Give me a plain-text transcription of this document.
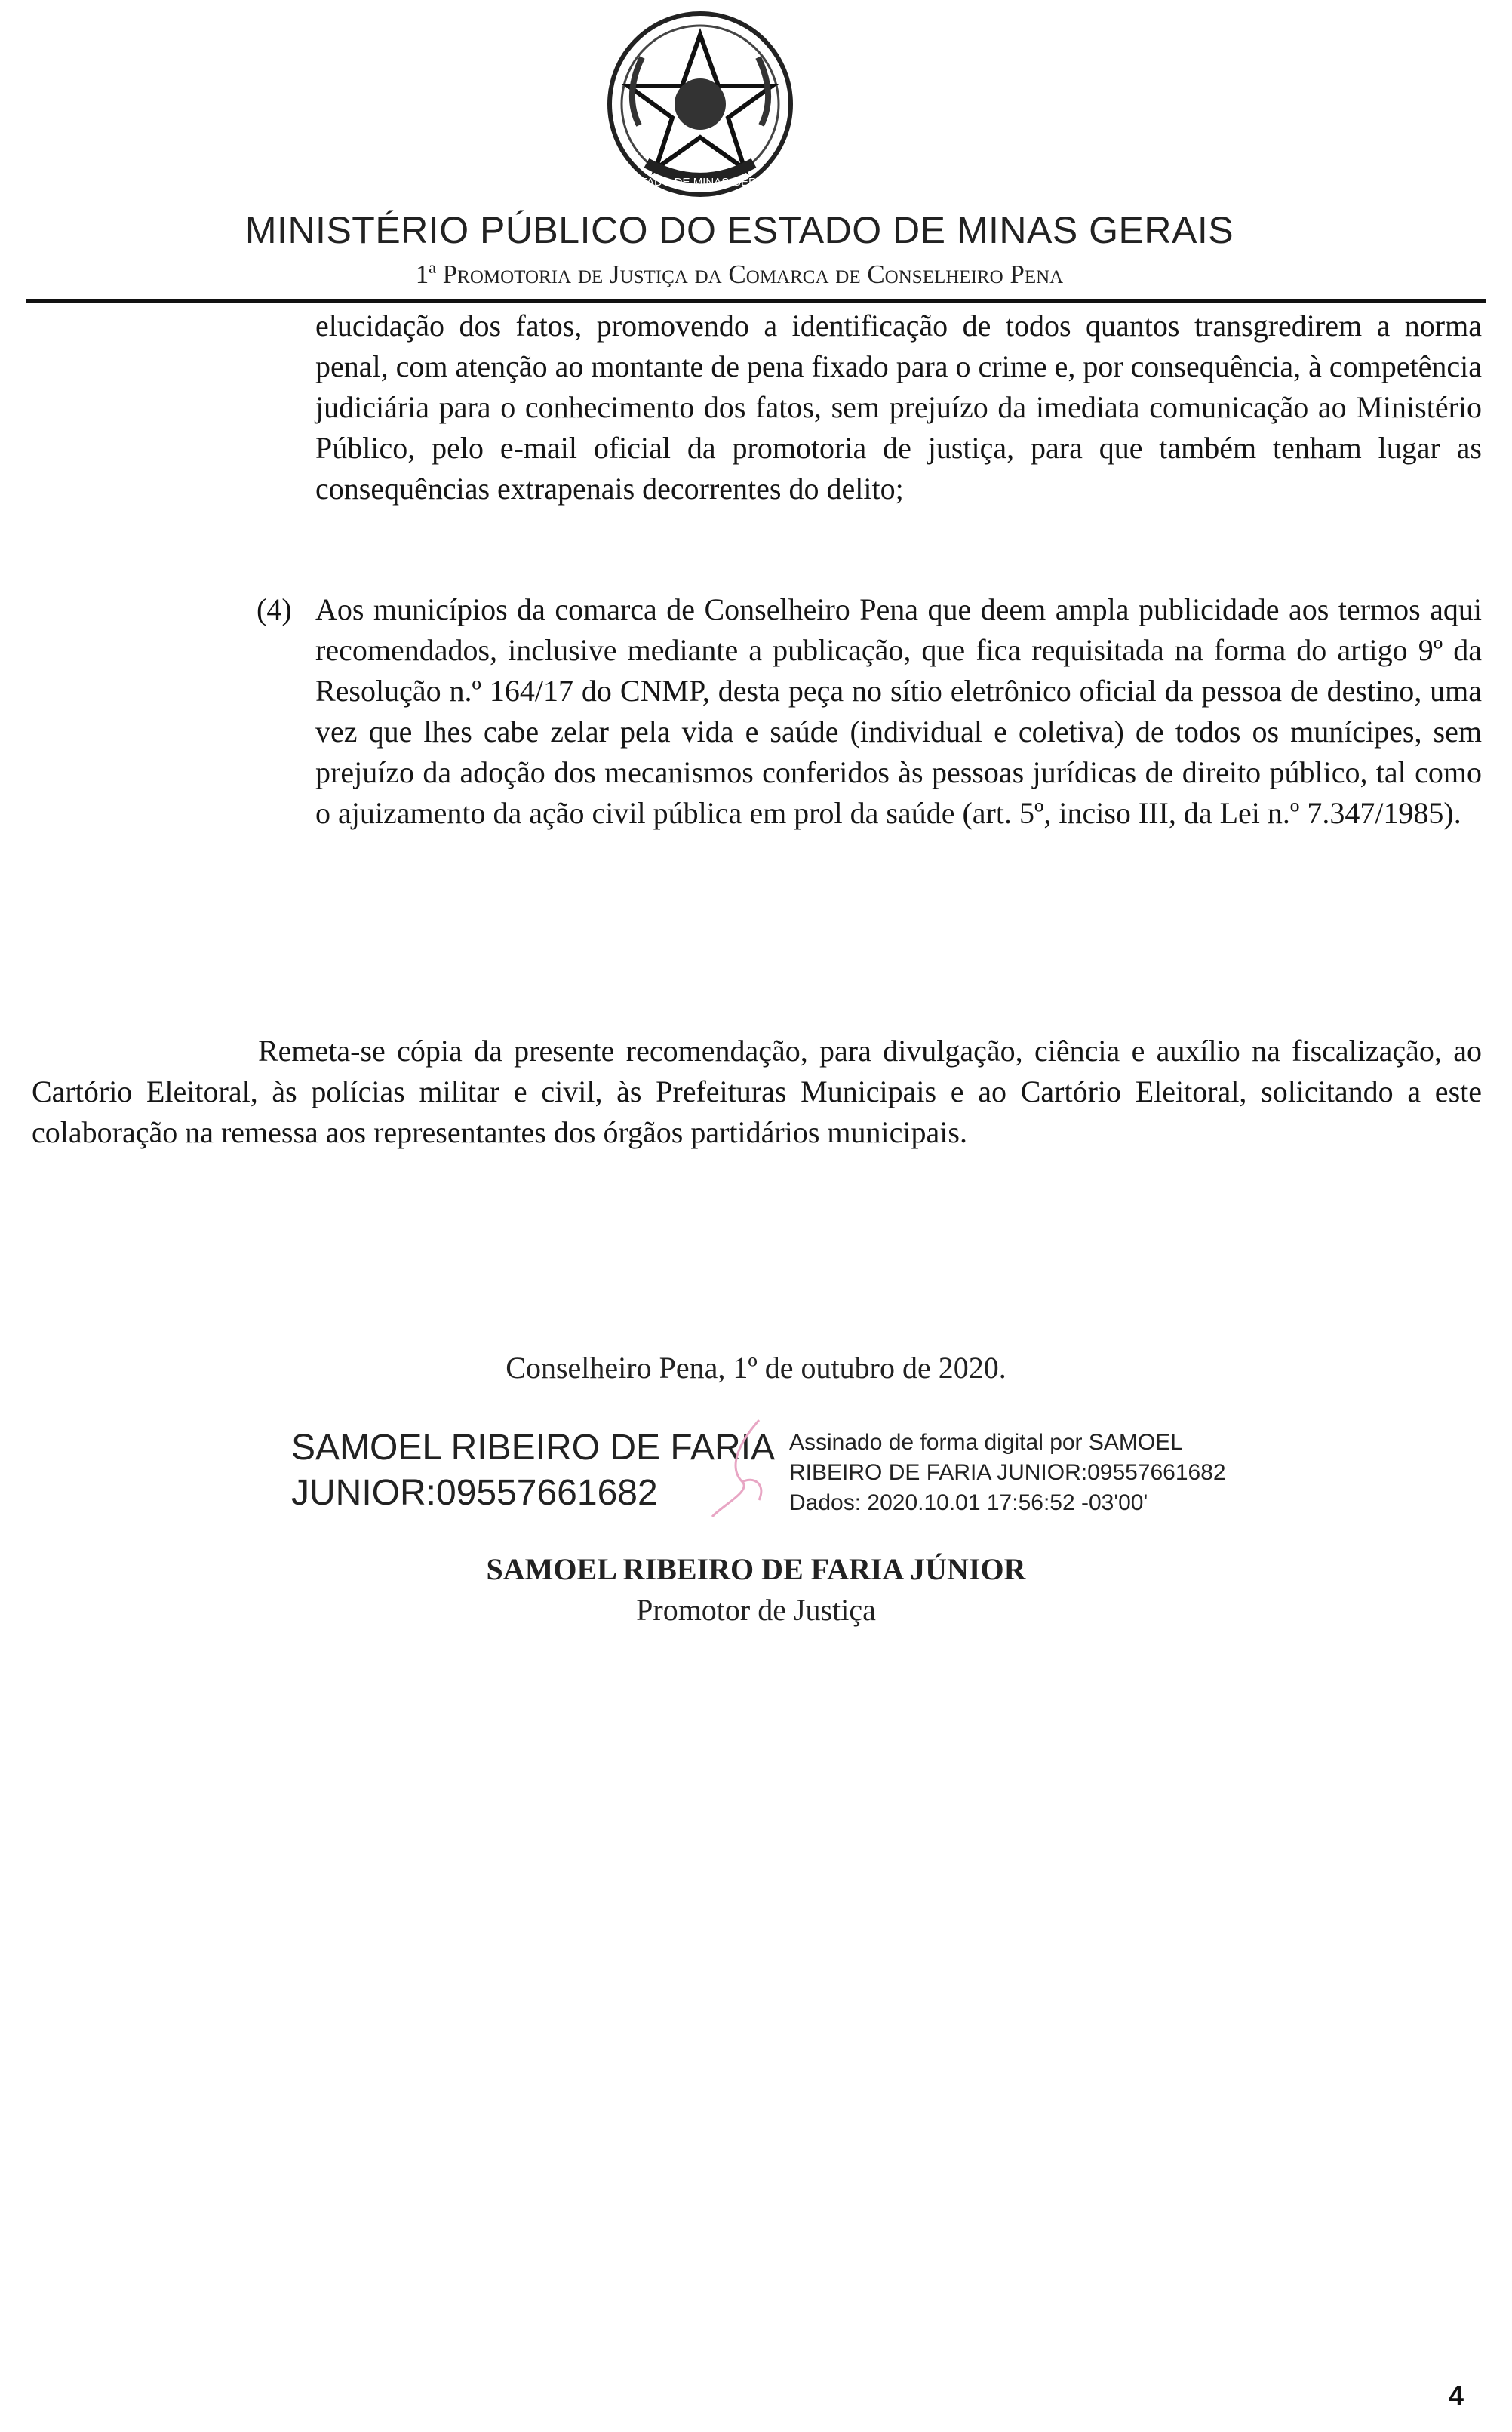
ESTADO DE MINAS GERAIS
MINISTÉRIO PÚBLICO DO ESTADO DE MINAS GERAIS
1ª Promotoria de Justiça da Comarca de Conselheiro Pena
elucidação dos fatos, promovendo a identificação de todos quantos transgredirem a norma penal, com atenção ao montante de pena fixado para o crime e, por consequência, à competência judiciária para o conhecimento dos fatos, sem prejuízo da imediata comunicação ao Ministério Público, pelo e-mail oficial da promotoria de justiça, para que também tenham lugar as consequências extrapenais decorrentes do delito;
(4) Aos municípios da comarca de Conselheiro Pena que deem ampla publicidade aos termos aqui recomendados, inclusive mediante a publicação, que fica requisitada na forma do artigo 9º da Resolução n.º 164/17 do CNMP, desta peça no sítio eletrônico oficial da pessoa de destino, uma vez que lhes cabe zelar pela vida e saúde (individual e coletiva) de todos os munícipes, sem prejuízo da adoção dos mecanismos conferidos às pessoas jurídicas de direito público, tal como o ajuizamento da ação civil pública em prol da saúde (art. 5º, inciso III, da Lei n.º 7.347/1985).
Remeta-se cópia da presente recomendação, para divulgação, ciência e auxílio na fiscalização, ao Cartório Eleitoral, às polícias militar e civil, às Prefeituras Municipais e ao Cartório Eleitoral, solicitando a este colaboração na remessa aos representantes dos órgãos partidários municipais.
Conselheiro Pena, 1º de outubro de 2020.
SAMOEL RIBEIRO DE FARIA
JUNIOR:09557661682
Assinado de forma digital por SAMOEL
RIBEIRO DE FARIA JUNIOR:09557661682
Dados: 2020.10.01 17:56:52 -03'00'
SAMOEL RIBEIRO DE FARIA JÚNIOR
Promotor de Justiça
4
